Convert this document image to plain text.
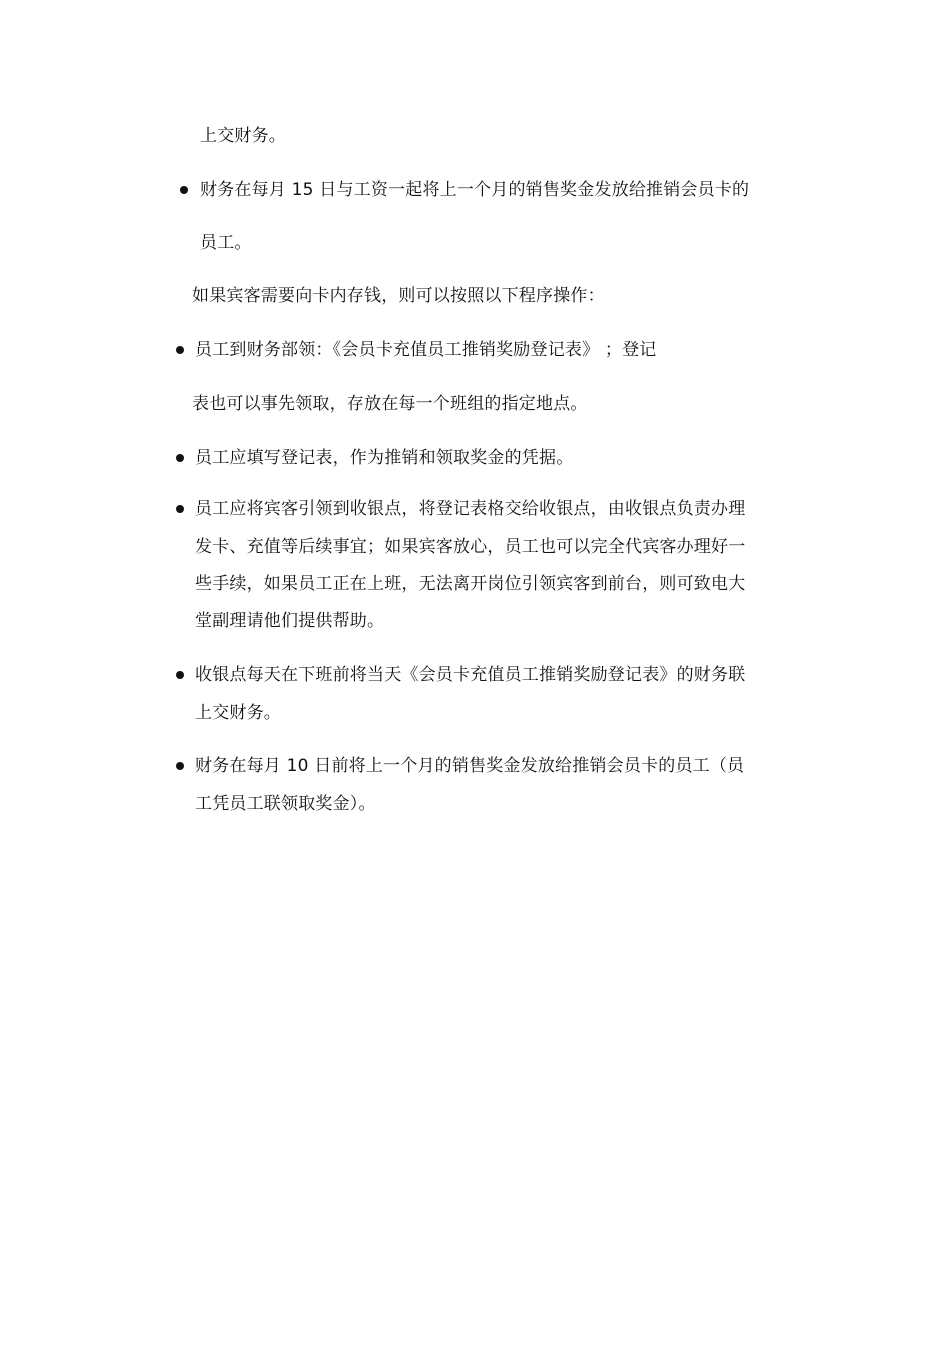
上交财务。
财务在每月 15 日与工资一起将上一个月的销售奖金发放给推销会员卡的
员工。
如果宾客需要向卡内存钱，则可以按照以下程序操作：
员工到财务部领：《会员卡充值员工推销奖励登记表》 ；登记
表也可以事先领取，存放在每一个班组的指定地点。
员工应填写登记表，作为推销和领取奖金的凭据。
员工应将宾客引领到收银点，将登记表格交给收银点，由收银点负责办理
发卡、充值等后续事宜；如果宾客放心，员工也可以完全代宾客办理好一
些手续，如果员工正在上班，无法离开岗位引领宾客到前台，则可致电大
堂副理请他们提供帮助。
收银点每天在下班前将当天《会员卡充值员工推销奖励登记表》的财务联
上交财务。
财务在每月 10 日前将上一个月的销售奖金发放给推销会员卡的员工（员
工凭员工联领取奖金）。
